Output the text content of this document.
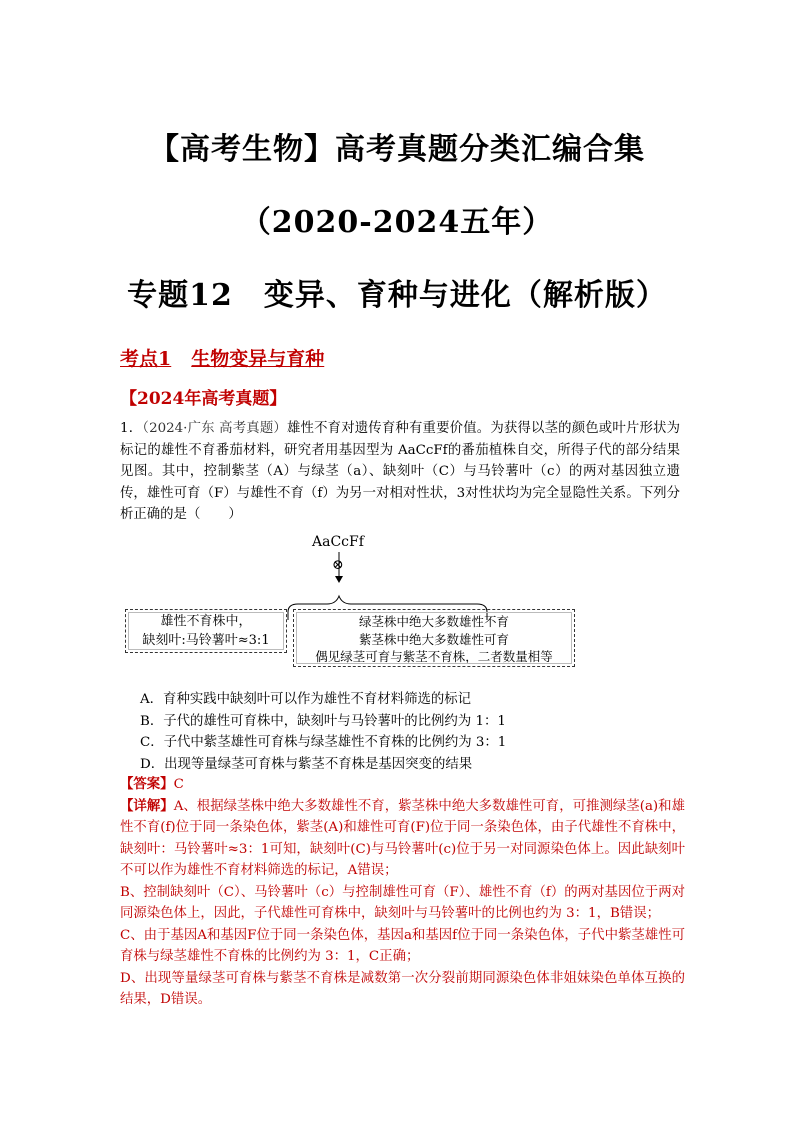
【高考生物】高考真题分类汇编合集
（2020-2024五年）
专题12　变异、育种与进化（解析版）
考点1 生物变异与育种
【2024年高考真题】
1．（2024·广东 高考真题）雄性不育对遗传育种有重要价值。为获得以茎的颜色或叶片形状为标记的雄性不育番茄材料，研究者用基因型为 AaCcFf的番茄植株自交，所得子代的部分结果见图。其中，控制紫茎（A）与绿茎（a）、缺刻叶（C）与马铃薯叶（c）的两对基因独立遗传，雄性可育（F）与雄性不育（f）为另一对相对性状，3对性状均为完全显隐性关系。下列分析正确的是（ ）
AaCcFf
⊗
雄性不育株中，
缺刻叶:马铃薯叶≈3:1
绿茎株中绝大多数雄性不育
紫茎株中绝大多数雄性可育
偶见绿茎可育与紫茎不育株，二者数量相等
A．育种实践中缺刻叶可以作为雄性不育材料筛选的标记
B．子代的雄性可育株中，缺刻叶与马铃薯叶的比例约为 1：1
C．子代中紫茎雄性可育株与绿茎雄性不育株的比例约为 3：1
D．出现等量绿茎可育株与紫茎不育株是基因突变的结果

【答案】C

【详解】A、根据绿茎株中绝大多数雄性不育，紫茎株中绝大多数雄性可育，可推测绿茎(a)和雄性不育(f)位于同一条染色体，紫茎(A)和雄性可育(F)位于同一条染色体，由子代雄性不育株中，缺刻叶：马铃薯叶≈3：1可知，缺刻叶(C)与马铃薯叶(c)位于另一对同源染色体上。因此缺刻叶不可以作为雄性不育材料筛选的标记，A错误；

B、控制缺刻叶（C）、马铃薯叶（c）与控制雄性可育（F）、雄性不育（f）的两对基因位于两对同源染色体上，因此，子代雄性可育株中，缺刻叶与马铃薯叶的比例也约为 3：1，B错误；

C、由于基因A和基因F位于同一条染色体，基因a和基因f位于同一条染色体，子代中紫茎雄性可育株与绿茎雄性不育株的比例约为 3：1，C正确；

D、出现等量绿茎可育株与紫茎不育株是减数第一次分裂前期同源染色体非姐妹染色单体互换的结果，D错误。
